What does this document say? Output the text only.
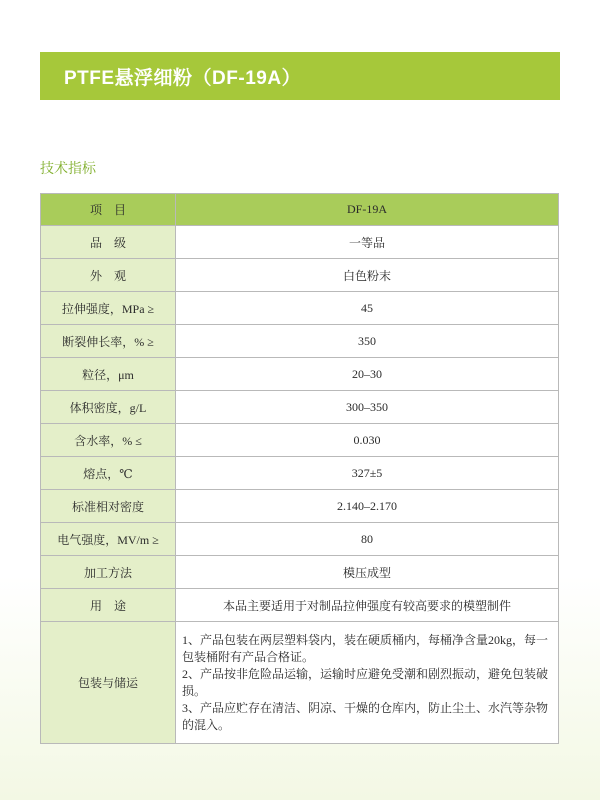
PTFE悬浮细粉（DF-19A）
技术指标
项　目	DF-19A
品　级	一等品
外　观	白色粉末
拉伸强度，MPa ≥	45
断裂伸长率，% ≥	350
粒径，μm	20–30
体积密度，g/L	300–350
含水率，% ≤	0.030
熔点，℃	327±5
标准相对密度	2.140–2.170
电气强度，MV/m ≥	80
加工方法	模压成型
用　途	本品主要适用于对制品拉伸强度有较高要求的模塑制件
包装与储运	1、产品包装在两层塑料袋内，装在硬质桶内，每桶净含量20kg，每一包装桶附有产品合格证。
2、产品按非危险品运输，运输时应避免受潮和剧烈振动，避免包装破损。
3、产品应贮存在清洁、阴凉、干燥的仓库内，防止尘土、水汽等杂物的混入。
